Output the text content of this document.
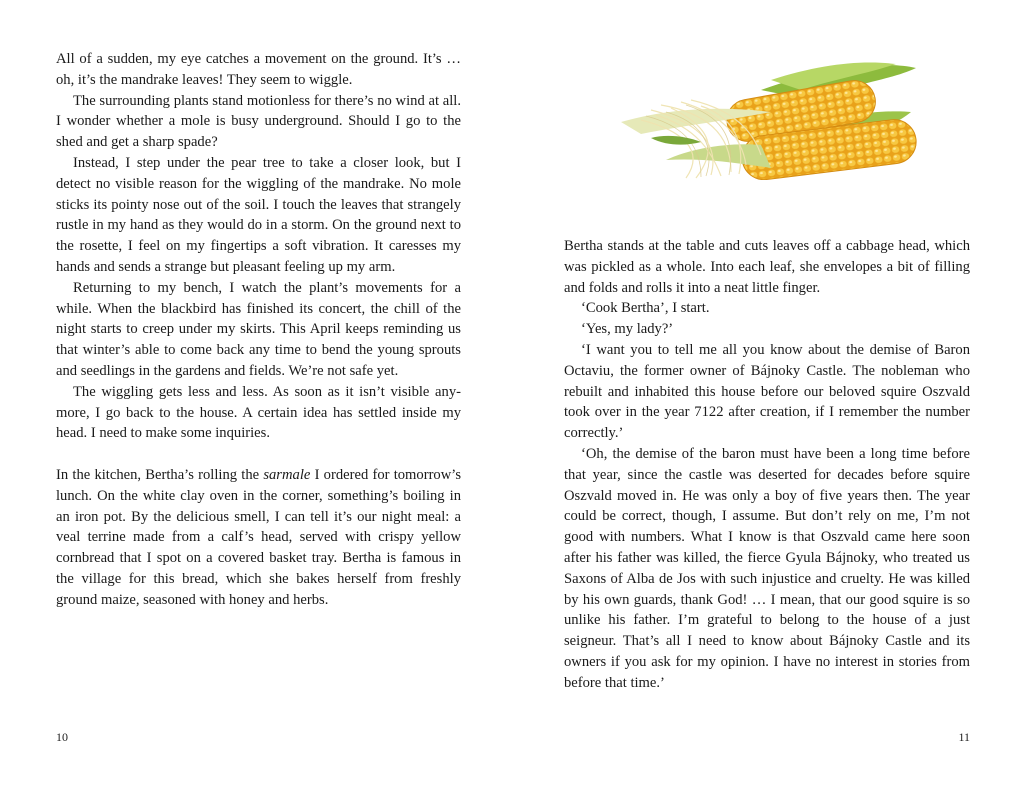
All of a sudden, my eye catches a movement on the ground. It’s … oh, it’s the mandrake leaves! They seem to wiggle.

The surrounding plants stand motionless for there’s no wind at all. I wonder whether a mole is busy underground. Should I go to the shed and get a sharp spade?

Instead, I step under the pear tree to take a closer look, but I detect no visible reason for the wiggling of the mandrake. No mole sticks its pointy nose out of the soil. I touch the leaves that strangely rustle in my hand as they would do in a storm. On the ground next to the rosette, I feel on my fingertips a soft vibration. It caresses my hands and sends a strange but pleasant feeling up my arm.

Returning to my bench, I watch the plant’s movements for a while. When the blackbird has finished its concert, the chill of the night starts to creep under my skirts. This April keeps reminding us that winter’s able to come back any time to bend the young sprouts and seedlings in the gardens and fields. We’re not safe yet.

The wiggling gets less and less. As soon as it isn’t visible anymore, I go back to the house. A certain idea has settled inside my head. I need to make some inquiries.

In the kitchen, Bertha’s rolling the sarmale I ordered for tomorrow’s lunch. On the white clay oven in the corner, something’s boiling in an iron pot. By the delicious smell, I can tell it’s our night meal: a veal terrine made from a calf’s head, served with crispy yellow cornbread that I spot on a covered basket tray. Bertha is famous in the village for this bread, which she bakes herself from freshly ground maize, seasoned with honey and herbs.

10

Bertha stands at the table and cuts leaves off a cabbage head, which was pickled as a whole. Into each leaf, she envelopes a bit of filling and folds and rolls it into a neat little finger.

‘Cook Bertha’, I start.

‘Yes, my lady?’

‘I want you to tell me all you know about the demise of Baron Octaviu, the former owner of Bájnoky Castle. The nobleman who rebuilt and inhabited this house before our beloved squire Oszvald took over in the year 7122 after creation, if I remember the number correctly.’

‘Oh, the demise of the baron must have been a long time before that year, since the castle was deserted for decades before squire Oszvald moved in. He was only a boy of five years then. The year could be correct, though, I assume. But don’t rely on me, I’m not good with numbers. What I know is that Oszvald came here soon after his father was killed, the fierce Gyula Bájnoky, who treated us Saxons of Alba de Jos with such injustice and cruelty. He was killed by his own guards, thank God! … I mean, that our good squire is so unlike his father. I’m grateful to belong to the house of a just seigneur. That’s all I need to know about Bájnoky Castle and its owners if you ask for my opinion. I have no interest in stories from before that time.’

11
